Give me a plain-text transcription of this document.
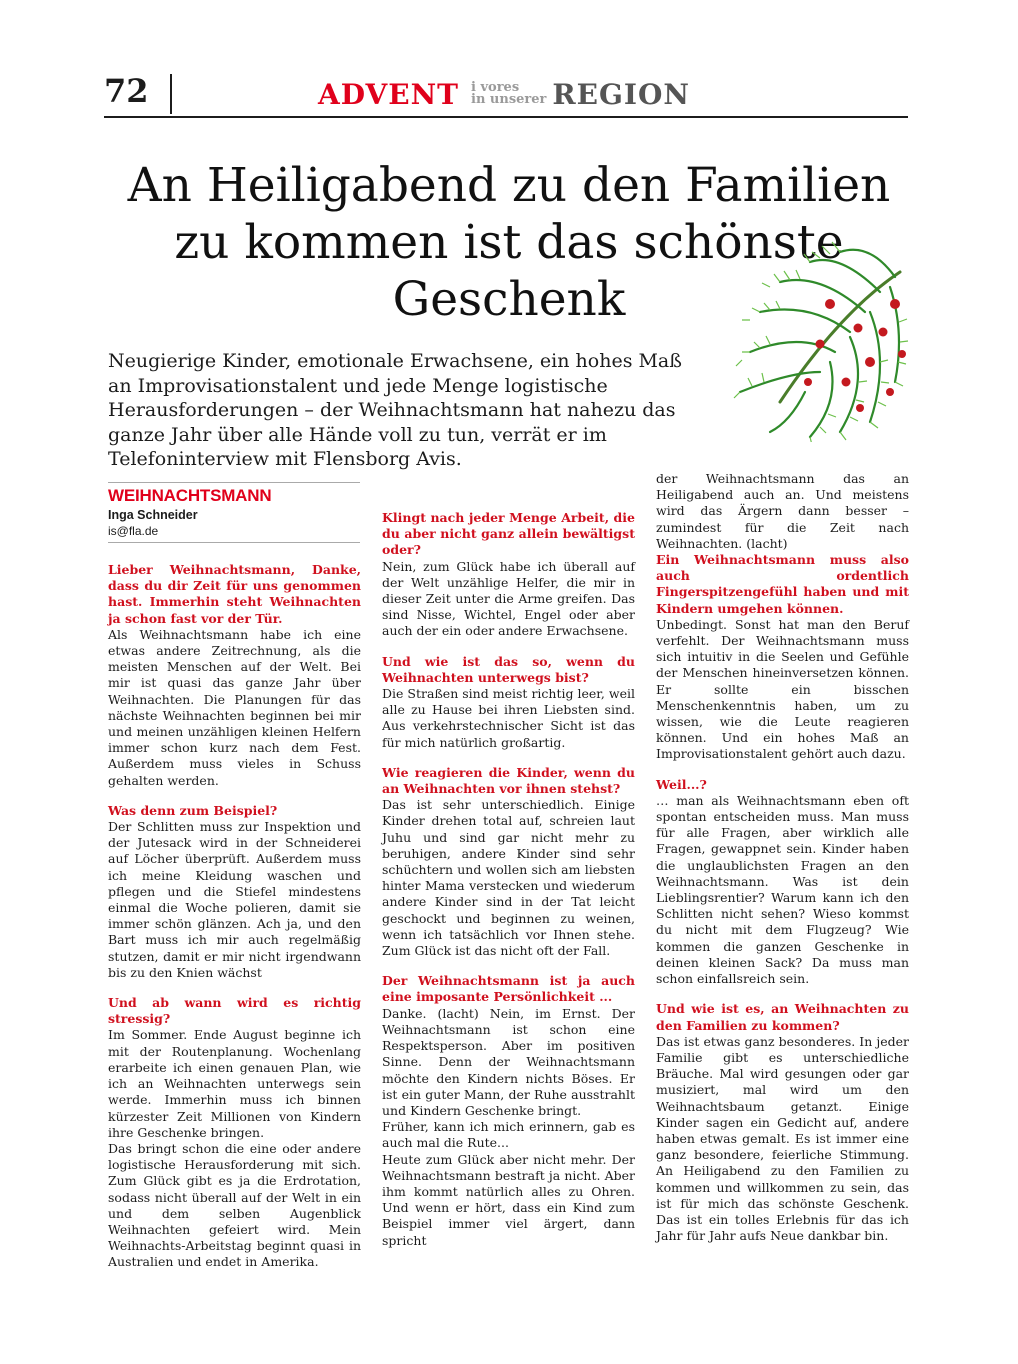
72	ADVENT i vores
in unserer REGION
An Heiligabend zu den Familien zu kommen ist das schönste Geschenk

Neugierige Kinder, emotionale Erwachsene, ein hohes Maß an Improvisationstalent und jede Menge logistische Herausforderungen – der Weihnachtsmann hat nahezu das ganze Jahr über alle Hände voll zu tun, verrät er im Telefoninterview mit Flensborg Avis.

WEIHNACHTSMANN
Inga Schneider
is@fla.de

Lieber Weihnachtsmann, Danke, dass du dir Zeit für uns genommen hast. Immerhin steht Weihnachten ja schon fast vor der Tür.

Als Weihnachtsmann habe ich eine etwas andere Zeitrechnung, als die meisten Menschen auf der Welt. Bei mir ist quasi das ganze Jahr über Weihnachten. Die Planungen für das nächste Weihnachten beginnen bei mir und meinen unzähligen kleinen Helfern immer schon kurz nach dem Fest. Außerdem muss vieles in Schuss gehalten werden.

Was denn zum Beispiel?

Der Schlitten muss zur Inspektion und der Jutesack wird in der Schneiderei auf Löcher überprüft. Außerdem muss ich meine Kleidung waschen und pflegen und die Stiefel mindestens einmal die Woche polieren, damit sie immer schön glänzen. Ach ja, und den Bart muss ich mir auch regelmäßig stutzen, damit er mir nicht irgendwann bis zu den Knien wächst

Und ab wann wird es richtig stressig?

Im Sommer. Ende August beginne ich mit der Routenplanung. Wochenlang erarbeite ich einen genauen Plan, wie ich an Weihnachten unterwegs sein werde. Immerhin muss ich binnen kürzester Zeit Millionen von Kindern ihre Geschenke bringen.

Das bringt schon die eine oder andere logistische Herausforderung mit sich. Zum Glück gibt es ja die Erdrotation, sodass nicht überall auf der Welt in ein und dem selben Augenblick Weihnachten gefeiert wird. Mein Weihnachts-Arbeitstag beginnt quasi in Australien und endet in Amerika.

Klingt nach jeder Menge Arbeit, die du aber nicht ganz allein bewältigst oder?

Nein, zum Glück habe ich überall auf der Welt unzählige Helfer, die mir in dieser Zeit unter die Arme greifen. Das sind Nisse, Wichtel, Engel oder aber auch der ein oder andere Erwachsene.

Und wie ist das so, wenn du Weihnachten unterwegs bist?

Die Straßen sind meist richtig leer, weil alle zu Hause bei ihren Liebsten sind. Aus verkehrstechnischer Sicht ist das für mich natürlich großartig.

Wie reagieren die Kinder, wenn du an Weihnachten vor ihnen stehst?

Das ist sehr unterschiedlich. Einige Kinder drehen total auf, schreien laut Juhu und sind gar nicht mehr zu beruhigen, andere Kinder sind sehr schüchtern und wollen sich am liebsten hinter Mama verstecken und wiederum andere Kinder sind in der Tat leicht geschockt und beginnen zu weinen, wenn ich tatsächlich vor Ihnen stehe. Zum Glück ist das nicht oft der Fall.

Der Weihnachtsmann ist ja auch eine imposante Persönlichkeit ...

Danke. (lacht) Nein, im Ernst. Der Weihnachtsmann ist schon eine Respektsperson. Aber im positiven Sinne. Denn der Weihnachtsmann möchte den Kindern nichts Böses. Er ist ein guter Mann, der Ruhe ausstrahlt und Kindern Geschenke bringt.

Früher, kann ich mich erinnern, gab es auch mal die Rute...

Heute zum Glück aber nicht mehr. Der Weihnachtsmann bestraft ja nicht. Aber ihm kommt natürlich alles zu Ohren. Und wenn er hört, dass ein Kind zum Beispiel immer viel ärgert, dann spricht

der Weihnachtsmann das an Heiligabend auch an. Und meistens wird das Ärgern dann besser – zumindest für die Zeit nach Weihnachten. (lacht)

Ein Weihnachtsmann muss also auch ordentlich Fingerspitzengefühl haben und mit Kindern umgehen können.

Unbedingt. Sonst hat man den Beruf verfehlt. Der Weihnachtsmann muss sich intuitiv in die Seelen und Gefühle der Menschen hineinversetzen können. Er sollte ein bisschen Menschenkenntnis haben, um zu wissen, wie die Leute reagieren können. Und ein hohes Maß an Improvisationstalent gehört auch dazu.

Weil...?

… man als Weihnachtsmann eben oft spontan entscheiden muss. Man muss für alle Fragen, aber wirklich alle Fragen, gewappnet sein. Kinder haben die unglaublichsten Fragen an den Weihnachtsmann. Was ist dein Lieblingsrentier? Warum kann ich den Schlitten nicht sehen? Wieso kommst du nicht mit dem Flugzeug? Wie kommen die ganzen Geschenke in deinen kleinen Sack? Da muss man schon einfallsreich sein.

Und wie ist es, an Weihnachten zu den Familien zu kommen?

Das ist etwas ganz besonderes. In jeder Familie gibt es unterschiedliche Bräuche. Mal wird gesungen oder gar musiziert, mal wird um den Weihnachtsbaum getanzt. Einige Kinder sagen ein Gedicht auf, andere haben etwas gemalt. Es ist immer eine ganz besondere, feierliche Stimmung. An Heiligabend zu den Familien zu kommen und willkommen zu sein, das ist für mich das schönste Geschenk. Das ist ein tolles Erlebnis für das ich Jahr für Jahr aufs Neue dankbar bin.
